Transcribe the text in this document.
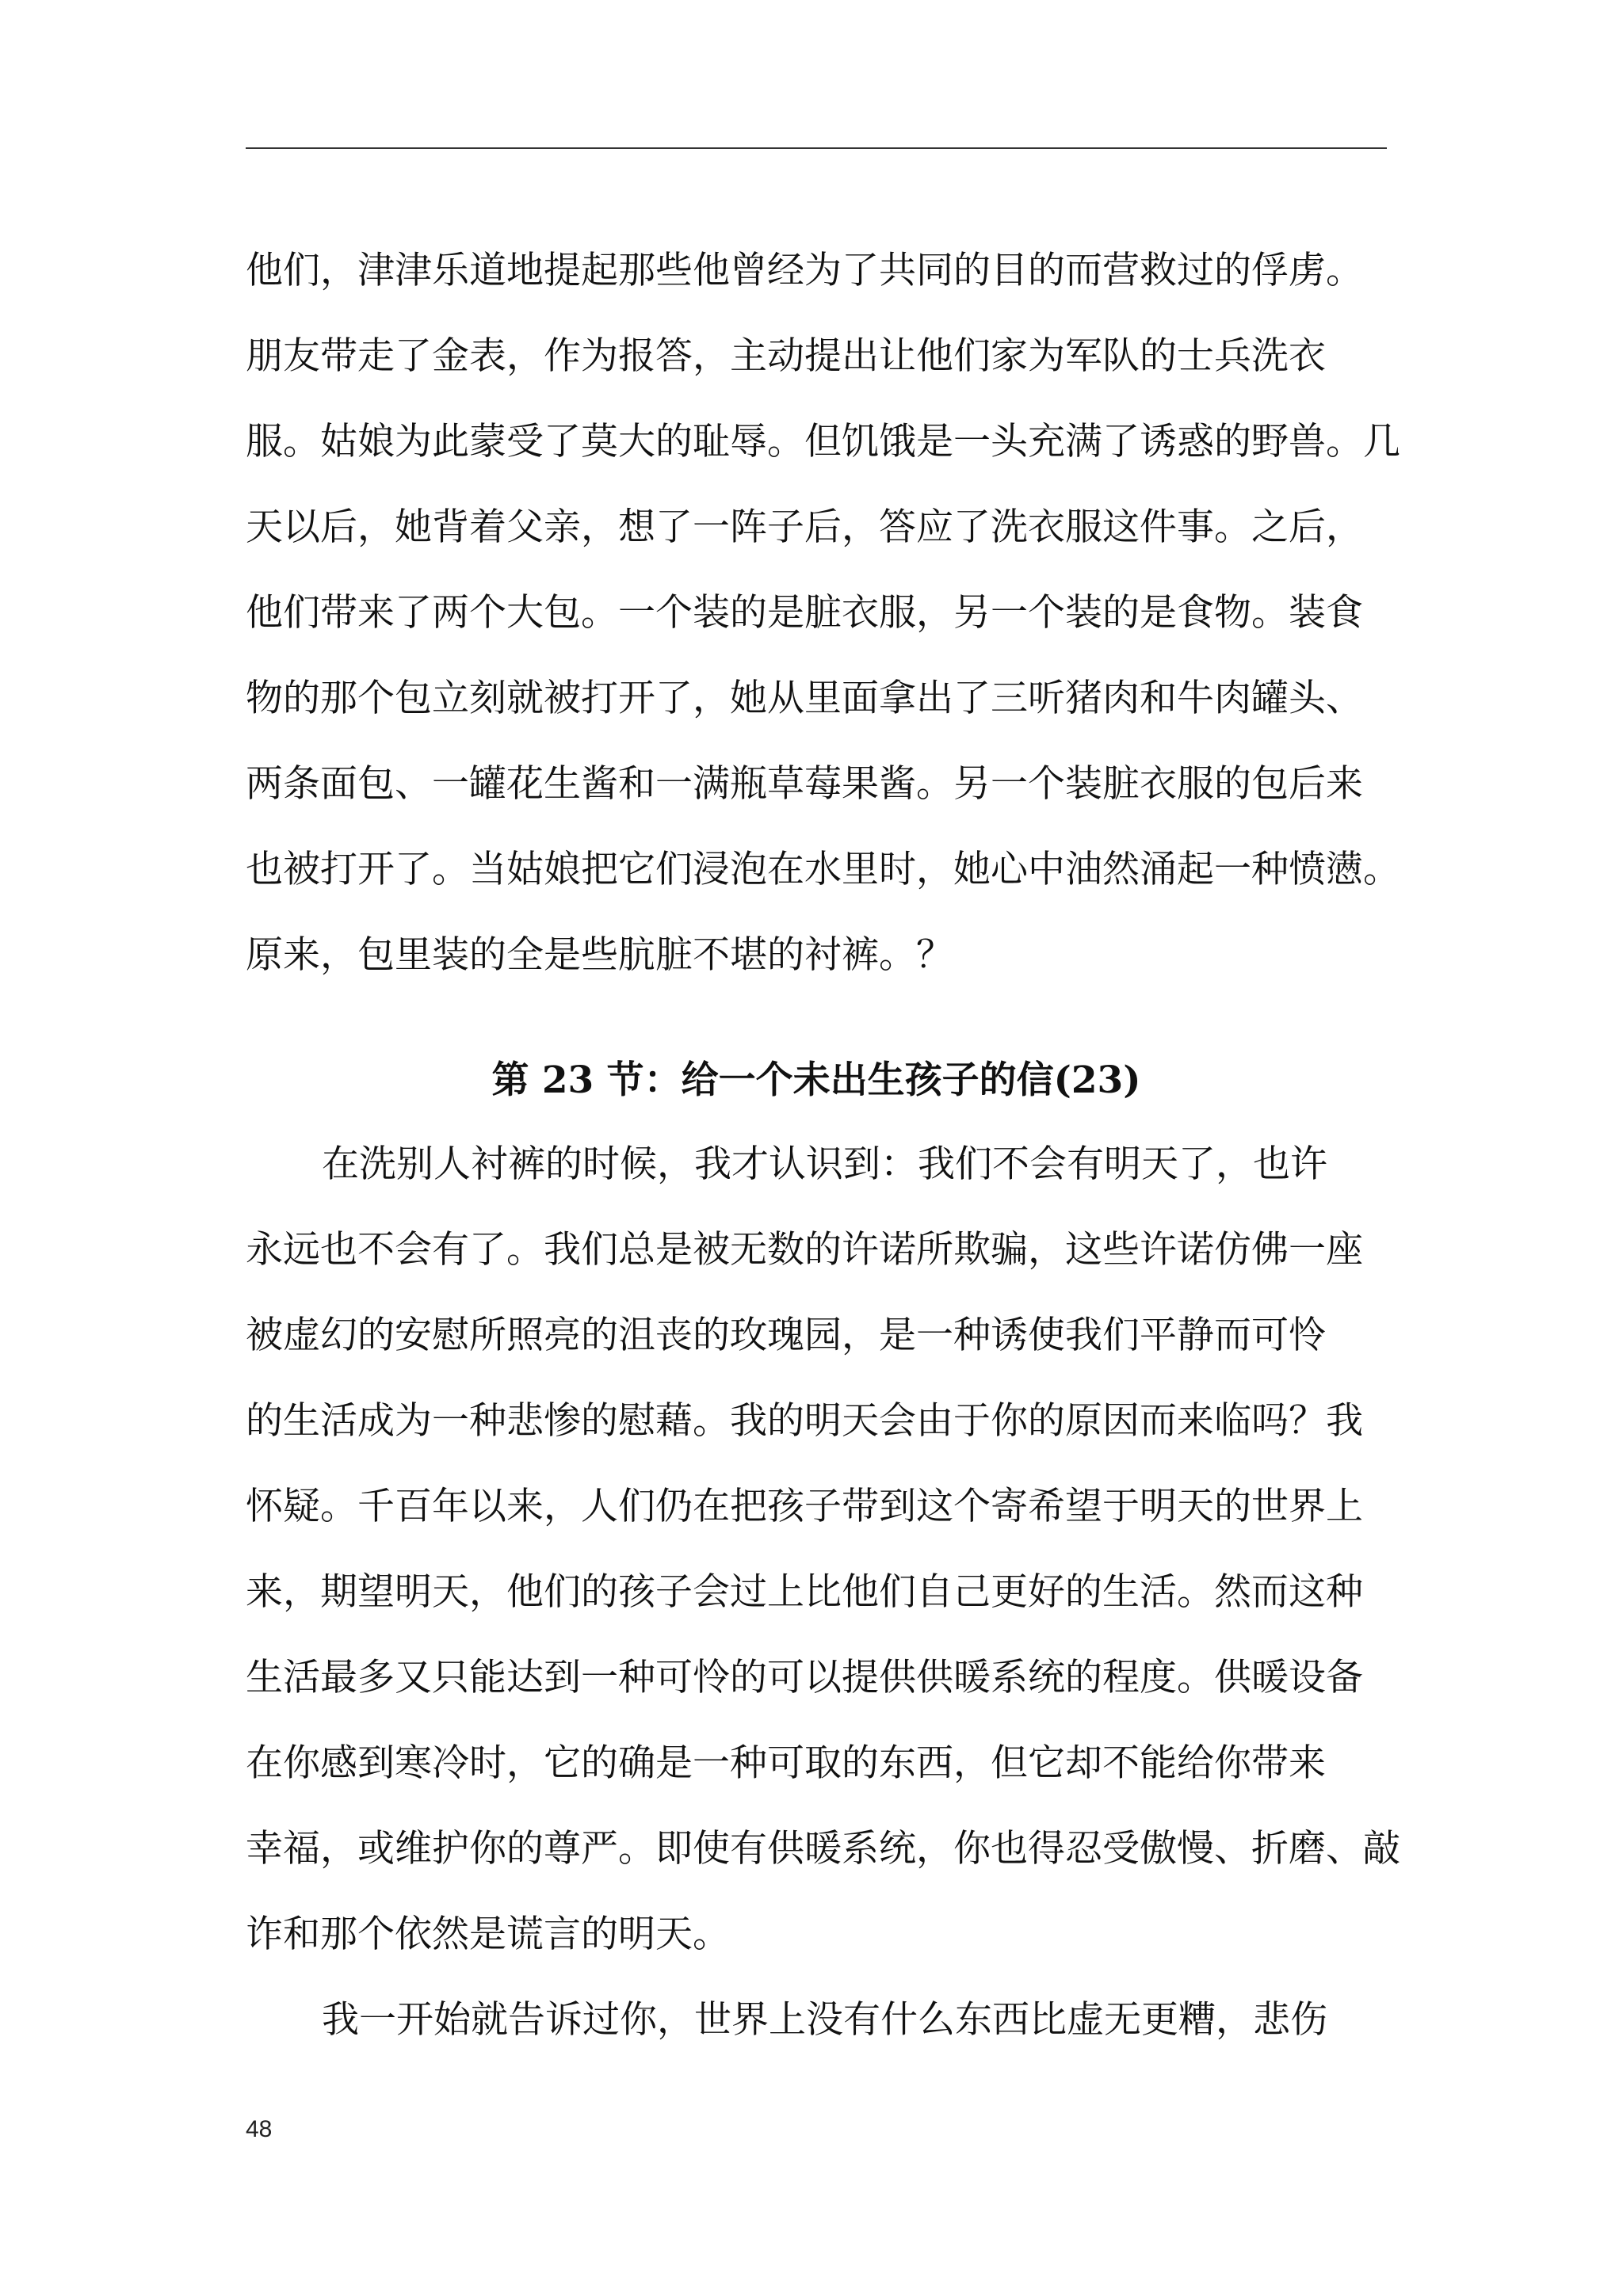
他们，津津乐道地提起那些他曾经为了共同的目的而营救过的俘虏。
朋友带走了金表，作为报答，主动提出让他们家为军队的士兵洗衣
服。姑娘为此蒙受了莫大的耻辱。但饥饿是一头充满了诱惑的野兽。几
天以后，她背着父亲，想了一阵子后，答应了洗衣服这件事。之后，
他们带来了两个大包。一个装的是脏衣服，另一个装的是食物。装食
物的那个包立刻就被打开了，她从里面拿出了三听猪肉和牛肉罐头、
两条面包、一罐花生酱和一满瓶草莓果酱。另一个装脏衣服的包后来
也被打开了。当姑娘把它们浸泡在水里时，她心中油然涌起一种愤懑。
原来，包里装的全是些肮脏不堪的衬裤。？
第 23 节：给一个未出生孩子的信(23)
在洗别人衬裤的时候，我才认识到：我们不会有明天了，也许
永远也不会有了。我们总是被无数的许诺所欺骗，这些许诺仿佛一座
被虚幻的安慰所照亮的沮丧的玫瑰园，是一种诱使我们平静而可怜
的生活成为一种悲惨的慰藉。我的明天会由于你的原因而来临吗？我
怀疑。千百年以来，人们仍在把孩子带到这个寄希望于明天的世界上
来，期望明天，他们的孩子会过上比他们自己更好的生活。然而这种
生活最多又只能达到一种可怜的可以提供供暖系统的程度。供暖设备
在你感到寒冷时，它的确是一种可取的东西，但它却不能给你带来
幸福，或维护你的尊严。即使有供暖系统，你也得忍受傲慢、折磨、敲
诈和那个依然是谎言的明天。
我一开始就告诉过你，世界上没有什么东西比虚无更糟，悲伤
48
